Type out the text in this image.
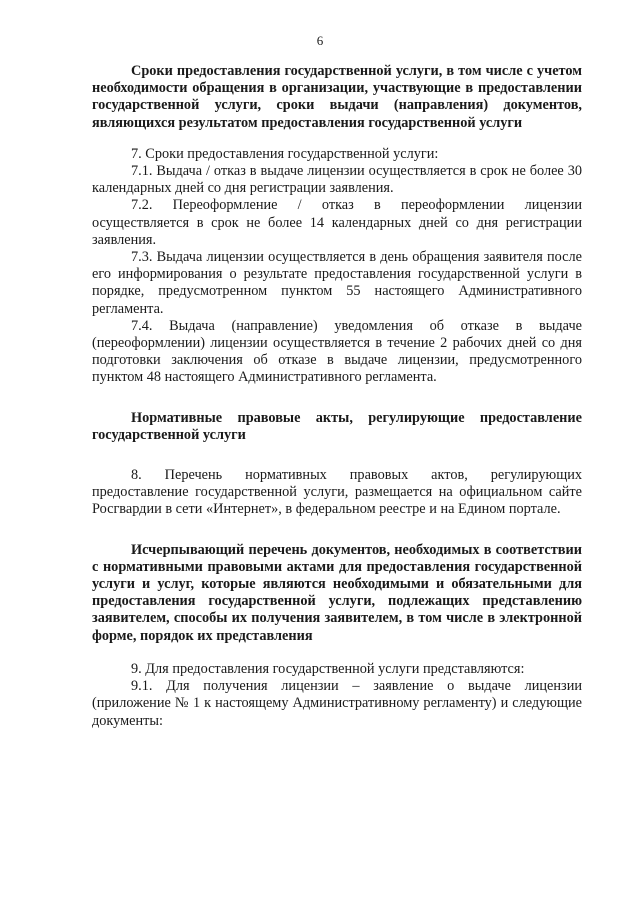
6

Сроки предоставления государственной услуги, в том числе с учетом необходимости обращения в организации, участвующие в предоставлении государственной услуги, сроки выдачи (направления) документов, являющихся результатом предоставления государственной услуги

7. Сроки предоставления государственной услуги:

7.1. Выдача / отказ в выдаче лицензии осуществляется в срок не более 30 календарных дней со дня регистрации заявления.

7.2. Переоформление / отказ в переоформлении лицензии осуществляется в срок не более 14 календарных дней со дня регистрации заявления.

7.3. Выдача лицензии осуществляется в день обращения заявителя после его информирования о результате предоставления государственной услуги в порядке, предусмотренном пунктом 55 настоящего Административного регламента.

7.4. Выдача (направление) уведомления об отказе в выдаче (переоформлении) лицензии осуществляется в течение 2 рабочих дней со дня подготовки заключения об отказе в выдаче лицензии, предусмотренного пунктом 48 настоящего Административного регламента.

Нормативные правовые акты, регулирующие предоставление государственной услуги

8. Перечень нормативных правовых актов, регулирующих предоставление государственной услуги, размещается на официальном сайте Росгвардии в сети «Интернет», в федеральном реестре и на Едином портале.

Исчерпывающий перечень документов, необходимых в соответствии с нормативными правовыми актами для предоставления государственной услуги и услуг, которые являются необходимыми и обязательными для предоставления государственной услуги, подлежащих представлению заявителем, способы их получения заявителем, в том числе в электронной форме, порядок их представления

9. Для предоставления государственной услуги представляются:

9.1. Для получения лицензии – заявление о выдаче лицензии (приложение № 1 к настоящему Административному регламенту) и следующие документы:
